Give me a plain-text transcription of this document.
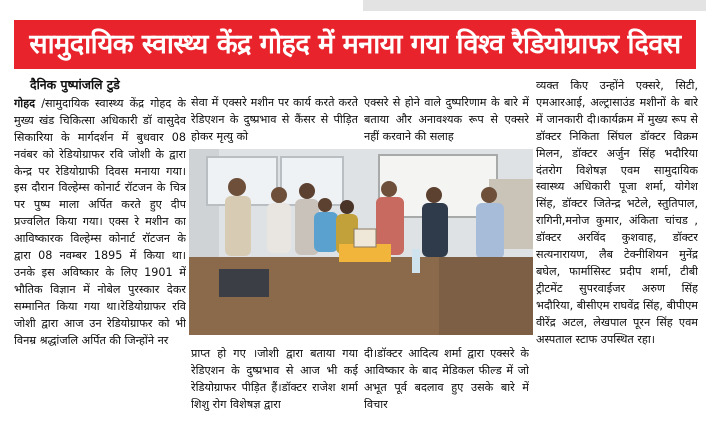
सामुदायिक स्वास्थ्य केंद्र गोहद में मनाया गया विश्व रैडियोग्राफर दिवस
दैनिक पुष्पांजलि टुडे
गोहद /सामुदायिक स्वास्थ्य केंद्र गोहद के मुख्य खंड चिकित्सा अधिकारी डॉ वासुदेव सिकारिया के मार्गदर्शन में बुधवार 08 नवंबर को रेडियोग्राफर रवि जोशी के द्वारा केन्द्र पर रेडियोग्राफी दिवस मनाया गया। इस दौरान विल्हेम्स कोनार्ट रॉटजन के चित्र पर पुष्प माला अर्पित करते हुए दीप प्रज्वलित किया गया। एक्स रे मशीन का आविष्कारक विल्हेम्स कोनार्ट रॉटजन के द्वारा 08 नवम्बर 1895 में किया था। उनके इस अविष्कार के लिए 1901 में भौतिक विज्ञान में नोबेल पुरस्कार देकर सम्मानित किया गया था।रेडियोग्राफर रवि जोशी द्वारा आज उन रेडियोग्राफर को भी विनम्र श्रद्धांजलि अर्पित की जिन्होंने नर
सेवा में एक्सरे मशीन पर कार्य करते करते रेडिएशन के दुष्प्रभाव से कैंसर से पीड़ित होकर मृत्यु को
एक्सरे से होने वाले दुष्परिणाम के बारे में बताया और अनावश्यक रूप से एक्सरे नहीं करवाने की सलाह
व्यक्त किए उन्होंने एक्सरे, सिटी, एमआरआई, अल्ट्रासाउंड मशीनों के बारे में जानकारी दी।कार्यक्रम में मुख्य रूप से डॉक्टर निकिता सिंघल डॉक्टर विक्रम मिलन, डॉक्टर अर्जुन सिंह भदौरिया दंतरोग विशेषज्ञ एवम सामुदायिक स्वास्थ्य अधिकारी पूजा शर्मा, योगेश सिंह, डॉक्टर जितेन्द्र भटेले, स्तुतिपाल, रागिनी,मनोज कुमार, अंकिता चांचड , डॉक्टर अरविंद कुशवाह, डॉक्टर सत्यनारायण, लैब टेक्नीशियन मुनेंद्र बघेल, फार्मासिस्ट प्रदीप शर्मा, टीबी ट्रीटमेंट सुपरवाईजर अरुण सिंह भदौरिया, बीसीएम राघवेंद्र सिंह, बीपीएम वीरेंद्र अटल, लेखपाल पूरन सिंह एवम अस्पताल स्टाफ उपस्थित रहा।
प्राप्त हो गए ।जोशी द्वारा बताया गया रेडिएशन के दुष्प्रभाव से आज भी कई रेडियोग्राफर पीड़ित हैं।डॉक्टर राजेश शर्मा शिशु रोग विशेषज्ञ द्वारा
दी।डॉक्टर आदित्य शर्मा द्वारा एक्सरे के आविष्कार के बाद मेडिकल फील्ड में जो अभूत पूर्व बदलाव हुए उसके बारे में विचार
